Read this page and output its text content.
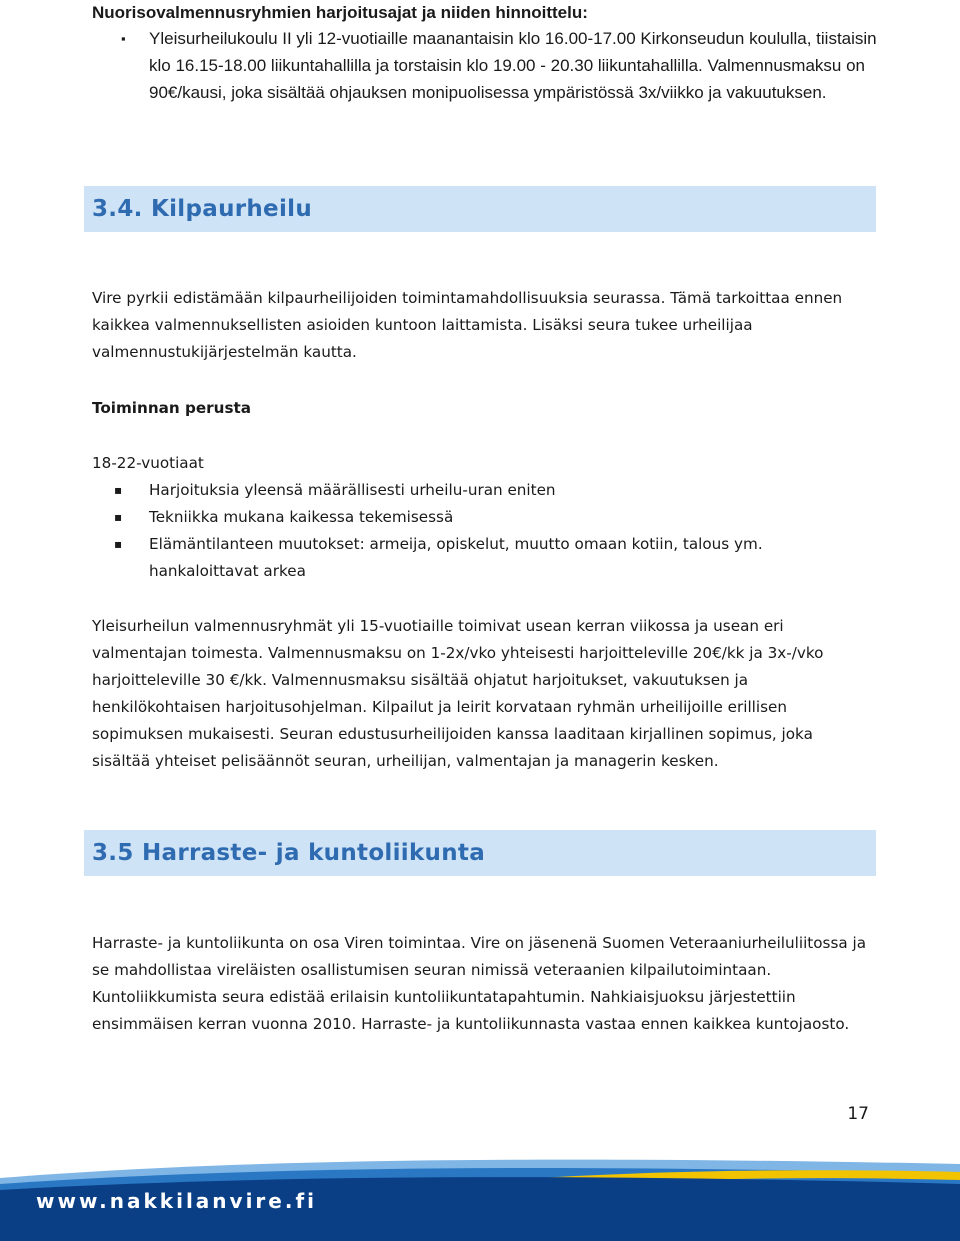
Nuorisovalmennusryhmien harjoitusajat ja niiden hinnoittelu:

▪ Yleisurheilukoulu II yli 12-vuotiaille maanantaisin klo 16.00-17.00 Kirkonseudun koululla, tiistaisin klo 16.15-18.00 liikuntahallilla ja torstaisin klo 19.00 - 20.30 liikuntahallilla. Valmennusmaksu on 90€/kausi, joka sisältää ohjauksen monipuolisessa ympäristössä 3x/viikko ja vakuutuksen.
3.4. Kilpaurheilu

Vire pyrkii edistämään kilpaurheilijoiden toimintamahdollisuuksia seurassa. Tämä tarkoittaa ennen kaikkea valmennuksellisten asioiden kuntoon laittamista. Lisäksi seura tukee urheilijaa valmennustukijärjestelmän kautta.

Toiminnan perusta

18-22-vuotiaat

▪ Harjoituksia yleensä määrällisesti urheilu-uran eniten
▪ Tekniikka mukana kaikessa tekemisessä
▪ Elämäntilanteen muutokset: armeija, opiskelut, muutto omaan kotiin, talous ym. hankaloittavat arkea

Yleisurheilun valmennusryhmät yli 15-vuotiaille toimivat usean kerran viikossa ja usean eri valmentajan toimesta. Valmennusmaksu on 1-2x/vko yhteisesti harjoitteleville 20€/kk ja 3x-/vko harjoitteleville 30 €/kk. Valmennusmaksu sisältää ohjatut harjoitukset, vakuutuksen ja henkilökohtaisen harjoitusohjelman. Kilpailut ja leirit korvataan ryhmän urheilijoille erillisen sopimuksen mukaisesti. Seuran edustusurheilijoiden kanssa laaditaan kirjallinen sopimus, joka sisältää yhteiset pelisäännöt seuran, urheilijan, valmentajan ja managerin kesken.

3.5 Harraste- ja kuntoliikunta

Harraste- ja kuntoliikunta on osa Viren toimintaa. Vire on jäsenenä Suomen Veteraaniurheiluliitossa ja se mahdollistaa vireläisten osallistumisen seuran nimissä veteraanien kilpailutoimintaan. Kuntoliikkumista seura edistää erilaisin kuntoliikuntatapahtumin. Nahkiaisjuoksu järjestettiin ensimmäisen kerran vuonna 2010. Harraste- ja kuntoliikunnasta vastaa ennen kaikkea kuntojaosto.

17
www.nakkilanvire.fi
